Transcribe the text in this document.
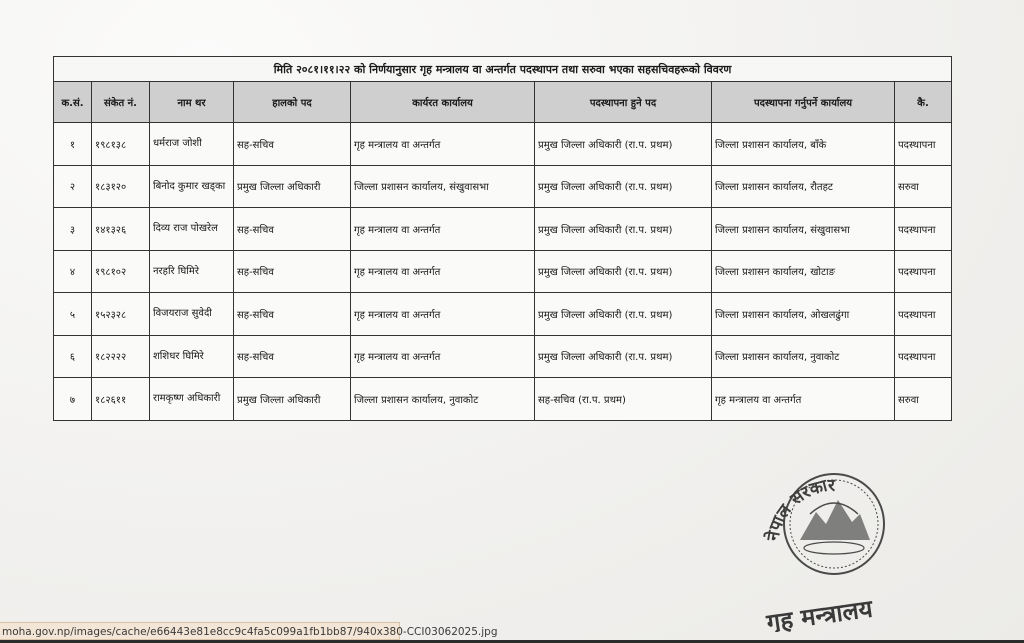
मिति २०८१।११।२२ को निर्णयानुसार गृह मन्त्रालय वा अन्तर्गत पदस्थापन तथा सरुवा भएका सहसचिवहरूको विवरण							
क.सं.	संकेत नं.	नाम थर	हालको पद	कार्यरत कार्यालय	पदस्थापना हुने पद	पदस्थापना गर्नुपर्ने कार्यालय	कै.
१	१९८१३८	धर्मराज जोशी	सह-सचिव	गृह मन्त्रालय वा अन्तर्गत	प्रमुख जिल्ला अधिकारी (रा.प. प्रथम)	जिल्ला प्रशासन कार्यालय, बाँके	पदस्थापना
२	१८३१२०	बिनोद कुमार खड्का	प्रमुख जिल्ला अधिकारी	जिल्ला प्रशासन कार्यालय, संखुवासभा	प्रमुख जिल्ला अधिकारी (रा.प. प्रथम)	जिल्ला प्रशासन कार्यालय, रौतहट	सरुवा
३	१४१३२६	दिव्य राज पोखरेल	सह-सचिव	गृह मन्त्रालय वा अन्तर्गत	प्रमुख जिल्ला अधिकारी (रा.प. प्रथम)	जिल्ला प्रशासन कार्यालय, संखुवासभा	पदस्थापना
४	१९८१०२	नरहरि घिमिरे	सह-सचिव	गृह मन्त्रालय वा अन्तर्गत	प्रमुख जिल्ला अधिकारी (रा.प. प्रथम)	जिल्ला प्रशासन कार्यालय, खोटाङ	पदस्थापना
५	१५२३२८	विजयराज सुवेदी	सह-सचिव	गृह मन्त्रालय वा अन्तर्गत	प्रमुख जिल्ला अधिकारी (रा.प. प्रथम)	जिल्ला प्रशासन कार्यालय, ओखलढुंगा	पदस्थापना
६	१८२२२२	शशिधर घिमिरे	सह-सचिव	गृह मन्त्रालय वा अन्तर्गत	प्रमुख जिल्ला अधिकारी (रा.प. प्रथम)	जिल्ला प्रशासन कार्यालय, नुवाकोट	पदस्थापना
७	१८२६११	रामकृष्ण अधिकारी	प्रमुख जिल्ला अधिकारी	जिल्ला प्रशासन कार्यालय, नुवाकोट	सह-सचिव (रा.प. प्रथम)	गृह मन्त्रालय वा अन्तर्गत	सरुवा
नेपाल सरकार
गृह मन्त्रालय
moha.gov.np/images/cache/e66443e81e8cc9c4fa5c099a1fb1bb87/940x380-CCI03062025.jpg
